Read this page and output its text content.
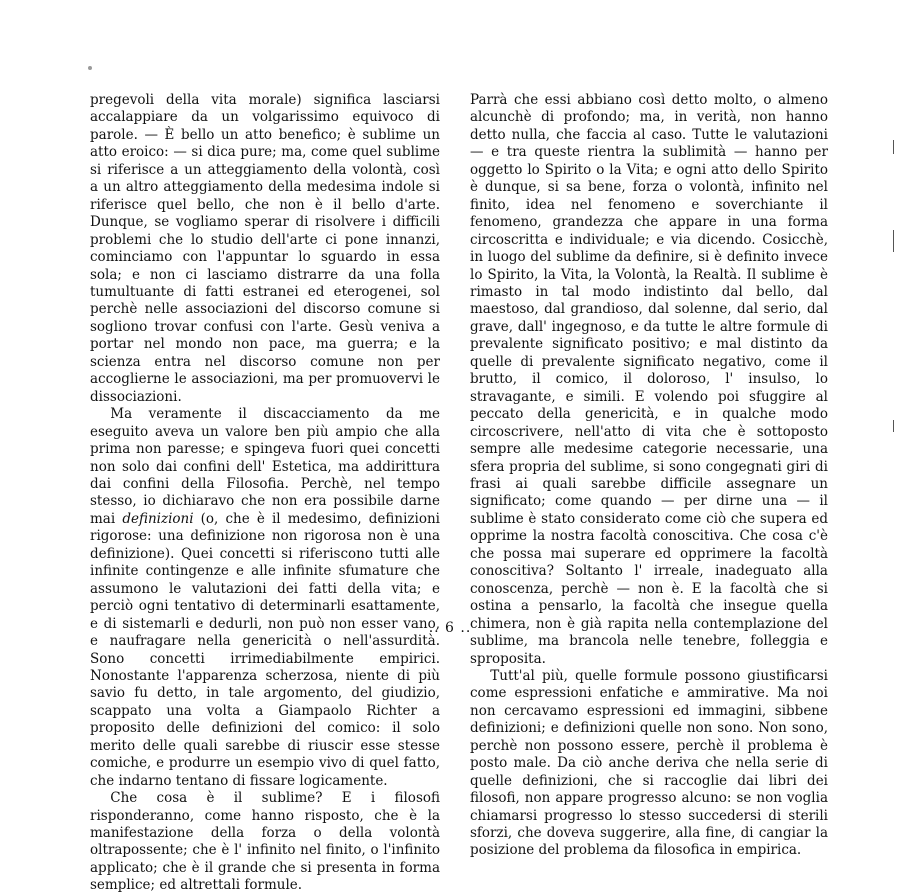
pregevoli della vita morale) significa lasciarsi accalappiare da un volgarissimo equivoco di parole. — È bello un atto benefico; è sublime un atto eroico: — si dica pure; ma, come quel sublime si riferisce a un atteggiamento della volontà, così a un altro atteggiamento della medesima indole si riferisce quel bello, che non è il bello d'arte. Dunque, se vogliamo sperar di risolvere i difficili problemi che lo studio dell'arte ci pone innanzi, cominciamo con l'appuntar lo sguardo in essa sola; e non ci lasciamo distrarre da una folla tumultuante di fatti estranei ed eterogenei, sol perchè nelle associazioni del discorso comune si sogliono trovar confusi con l'arte. Gesù veniva a portar nel mondo non pace, ma guerra; e la scienza entra nel discorso comune non per accoglierne le associazioni, ma per promuovervi le dissociazioni.

Ma veramente il discacciamento da me eseguito aveva un valore ben più ampio che alla prima non paresse; e spingeva fuori quei concetti non solo dai confini dell' Estetica, ma addirittura dai confini della Filosofia. Perchè, nel tempo stesso, io dichiaravo che non era possibile darne mai definizioni (o, che è il medesimo, definizioni rigorose: una definizione non rigorosa non è una definizione). Quei concetti si riferiscono tutti alle infinite contingenze e alle infinite sfumature che assumono le valutazioni dei fatti della vita; e perciò ogni tentativo di determinarli esattamente, e di sistemarli e dedurli, non può non esser vano, e naufragare nella genericità o nell'assurdità. Sono concetti irrimediabilmente empirici. Nonostante l'apparenza scherzosa, niente di più savio fu detto, in tale argomento, del giudizio, scappato una volta a Giampaolo Richter a proposito delle definizioni del comico: il solo merito delle quali sarebbe di riuscir esse stesse comiche, e produrre un esempio vivo di quel fatto, che indarno tentano di fissare logicamente.

Che cosa è il sublime? E i filosofi risponderanno, come hanno risposto, che è la manifestazione della forza o della volontà oltrapossente; che è l' infinito nel finito, o l'infinito applicato; che è il grande che si presenta in forma semplice; ed altrettali formule.

Parrà che essi abbiano così detto molto, o almeno alcunchè di profondo; ma, in verità, non hanno detto nulla, che faccia al caso. Tutte le valutazioni — e tra queste rientra la sublimità — hanno per oggetto lo Spirito o la Vita; e ogni atto dello Spirito è dunque, si sa bene, forza o volontà, infinito nel finito, idea nel fenomeno e soverchiante il fenomeno, grandezza che appare in una forma circoscritta e individuale; e via dicendo. Cosicchè, in luogo del sublime da definire, si è definito invece lo Spirito, la Vita, la Volontà, la Realtà. Il sublime è rimasto in tal modo indistinto dal bello, dal maestoso, dal grandioso, dal solenne, dal serio, dal grave, dall' ingegnoso, e da tutte le altre formule di prevalente significato positivo; e mal distinto da quelle di prevalente significato negativo, come il brutto, il comico, il doloroso, l' insulso, lo stravagante, e simili. E volendo poi sfuggire al peccato della genericità, e in qualche modo circoscrivere, nell'atto di vita che è sottoposto sempre alle medesime categorie necessarie, una sfera propria del sublime, si sono congegnati giri di frasi ai quali sarebbe difficile assegnare un significato; come quando — per dirne una — il sublime è stato considerato come ciò che supera ed opprime la nostra facoltà conoscitiva. Che cosa c'è che possa mai superare ed opprimere la facoltà conoscitiva? Soltanto l' irreale, inadeguato alla conoscenza, perchè — non è. E la facoltà che si ostina a pensarlo, la facoltà che insegue quella chimera, non è già rapita nella contemplazione del sublime, ma brancola nelle tenebre, folleggia e sproposita.

Tutt'al più, quelle formule possono giustificarsi come espressioni enfatiche e ammirative. Ma noi non cercavamo espressioni ed immagini, sibbene definizioni; e definizioni quelle non sono. Non sono, perchè non possono essere, perchè il problema è posto male. Da ciò anche deriva che nella serie di quelle definizioni, che si raccoglie dai libri dei filosofi, non appare progresso alcuno: se non voglia chiamarsi progresso lo stesso succedersi di sterili sforzi, che doveva suggerire, alla fine, di cangiar la posizione del problema da filosofica in empirica.

.. 6 ..
